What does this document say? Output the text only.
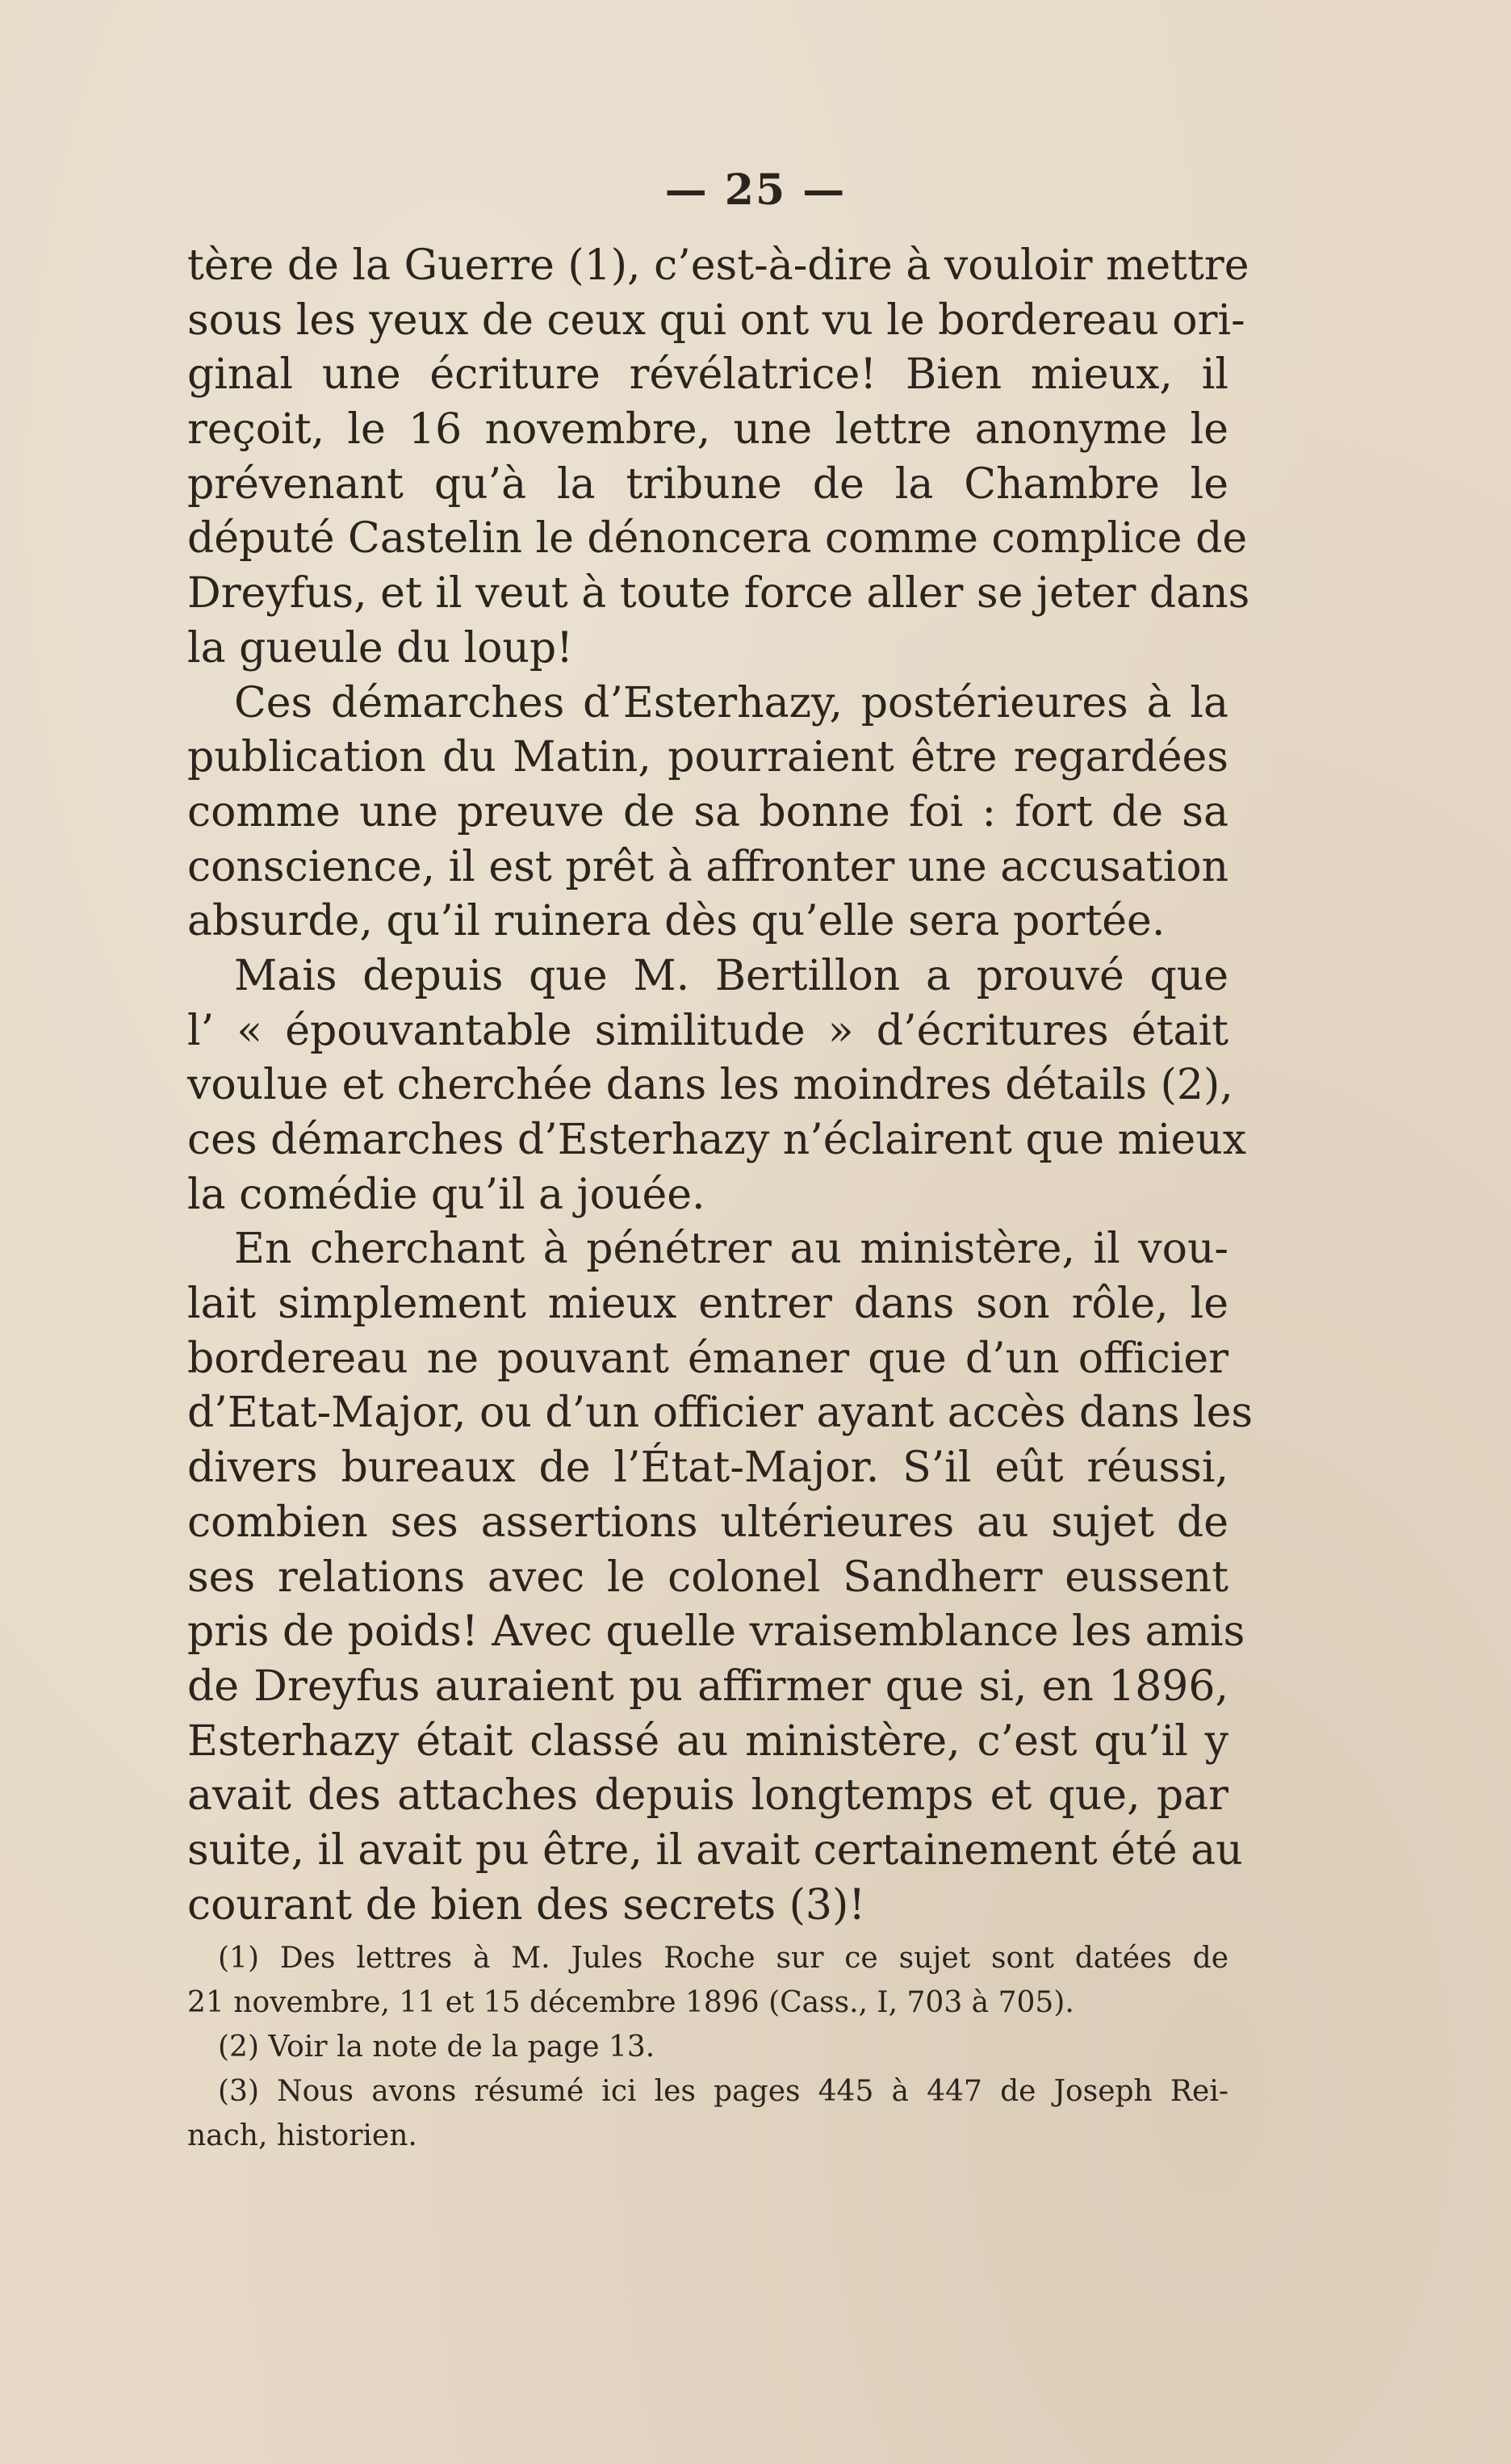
— 25 —
tère de la Guerre (1), c’est-à-dire à vouloir mettre
sous les yeux de ceux qui ont vu le bordereau ori-
ginal une écriture révélatrice! Bien mieux, il
reçoit, le 16 novembre, une lettre anonyme le
prévenant qu’à la tribune de la Chambre le
député Castelin le dénoncera comme complice de
Dreyfus, et il veut à toute force aller se jeter dans
la gueule du loup!
Ces démarches d’Esterhazy, postérieures à la
publication du Matin, pourraient être regardées
comme une preuve de sa bonne foi : fort de sa
conscience, il est prêt à affronter une accusation
absurde, qu’il ruinera dès qu’elle sera portée.
Mais depuis que M. Bertillon a prouvé que
l’ « épouvantable similitude » d’écritures était
voulue et cherchée dans les moindres détails (2),
ces démarches d’Esterhazy n’éclairent que mieux
la comédie qu’il a jouée.
En cherchant à pénétrer au ministère, il vou-
lait simplement mieux entrer dans son rôle, le
bordereau ne pouvant émaner que d’un officier
d’Etat-Major, ou d’un officier ayant accès dans les
divers bureaux de l’État-Major. S’il eût réussi,
combien ses assertions ultérieures au sujet de
ses relations avec le colonel Sandherr eussent
pris de poids! Avec quelle vraisemblance les amis
de Dreyfus auraient pu affirmer que si, en 1896,
Esterhazy était classé au ministère, c’est qu’il y
avait des attaches depuis longtemps et que, par
suite, il avait pu être, il avait certainement été au
courant de bien des secrets (3)!
(1) Des lettres à M. Jules Roche sur ce sujet sont datées de
21 novembre, 11 et 15 décembre 1896 (Cass., I, 703 à 705).
(2) Voir la note de la page 13.
(3) Nous avons résumé ici les pages 445 à 447 de Joseph Rei-
nach, historien.
